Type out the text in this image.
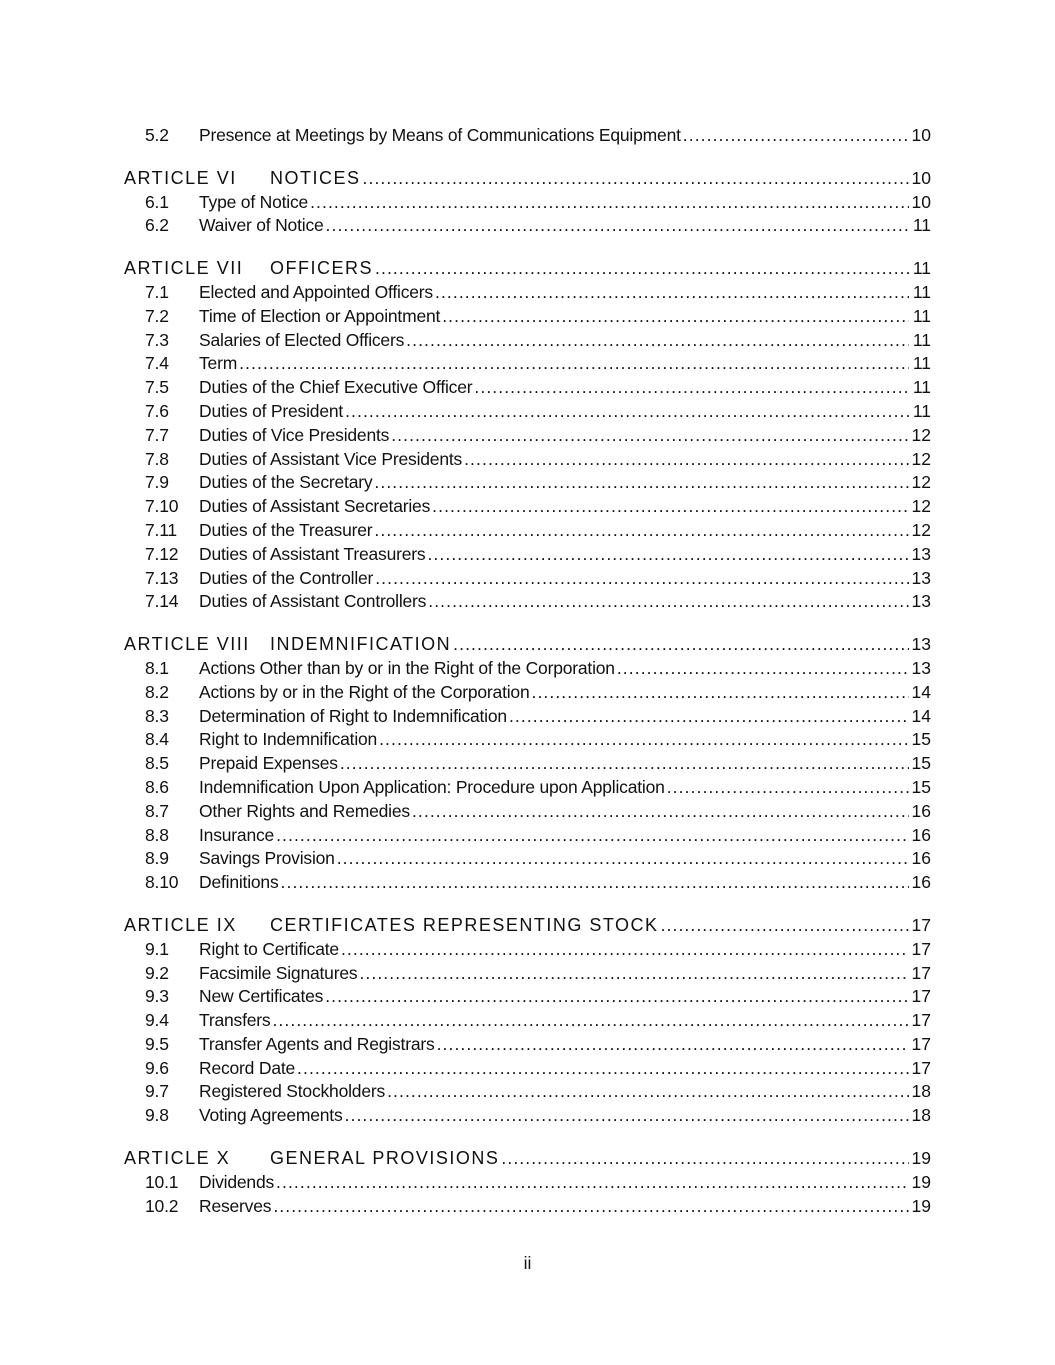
5.2	Presence at Meetings by Means of Communications Equipment .....	10
ARTICLE VI	NOTICES .....	10
6.1	Type of Notice .....	10
6.2	Waiver of Notice .....	11
ARTICLE VII	OFFICERS .....	11
7.1	Elected and Appointed Officers .....	11
7.2	Time of Election or Appointment .....	11
7.3	Salaries of Elected Officers .....	11
7.4	Term .....	11
7.5	Duties of the Chief Executive Officer .....	11
7.6	Duties of President .....	11
7.7	Duties of Vice Presidents .....	12
7.8	Duties of Assistant Vice Presidents .....	12
7.9	Duties of the Secretary .....	12
7.10	Duties of Assistant Secretaries .....	12
7.11	Duties of the Treasurer .....	12
7.12	Duties of Assistant Treasurers .....	13
7.13	Duties of the Controller .....	13
7.14	Duties of Assistant Controllers .....	13
ARTICLE VIII	INDEMNIFICATION .....	13
8.1	Actions Other than by or in the Right of the Corporation .....	13
8.2	Actions by or in the Right of the Corporation .....	14
8.3	Determination of Right to Indemnification .....	14
8.4	Right to Indemnification .....	15
8.5	Prepaid Expenses .....	15
8.6	Indemnification Upon Application: Procedure upon Application .....	15
8.7	Other Rights and Remedies .....	16
8.8	Insurance .....	16
8.9	Savings Provision .....	16
8.10	Definitions .....	16
ARTICLE IX	CERTIFICATES REPRESENTING STOCK .....	17
9.1	Right to Certificate .....	17
9.2	Facsimile Signatures .....	17
9.3	New Certificates .....	17
9.4	Transfers .....	17
9.5	Transfer Agents and Registrars .....	17
9.6	Record Date .....	17
9.7	Registered Stockholders .....	18
9.8	Voting Agreements .....	18
ARTICLE X	GENERAL PROVISIONS .....	19
10.1	Dividends .....	19
10.2	Reserves .....	19
ii
